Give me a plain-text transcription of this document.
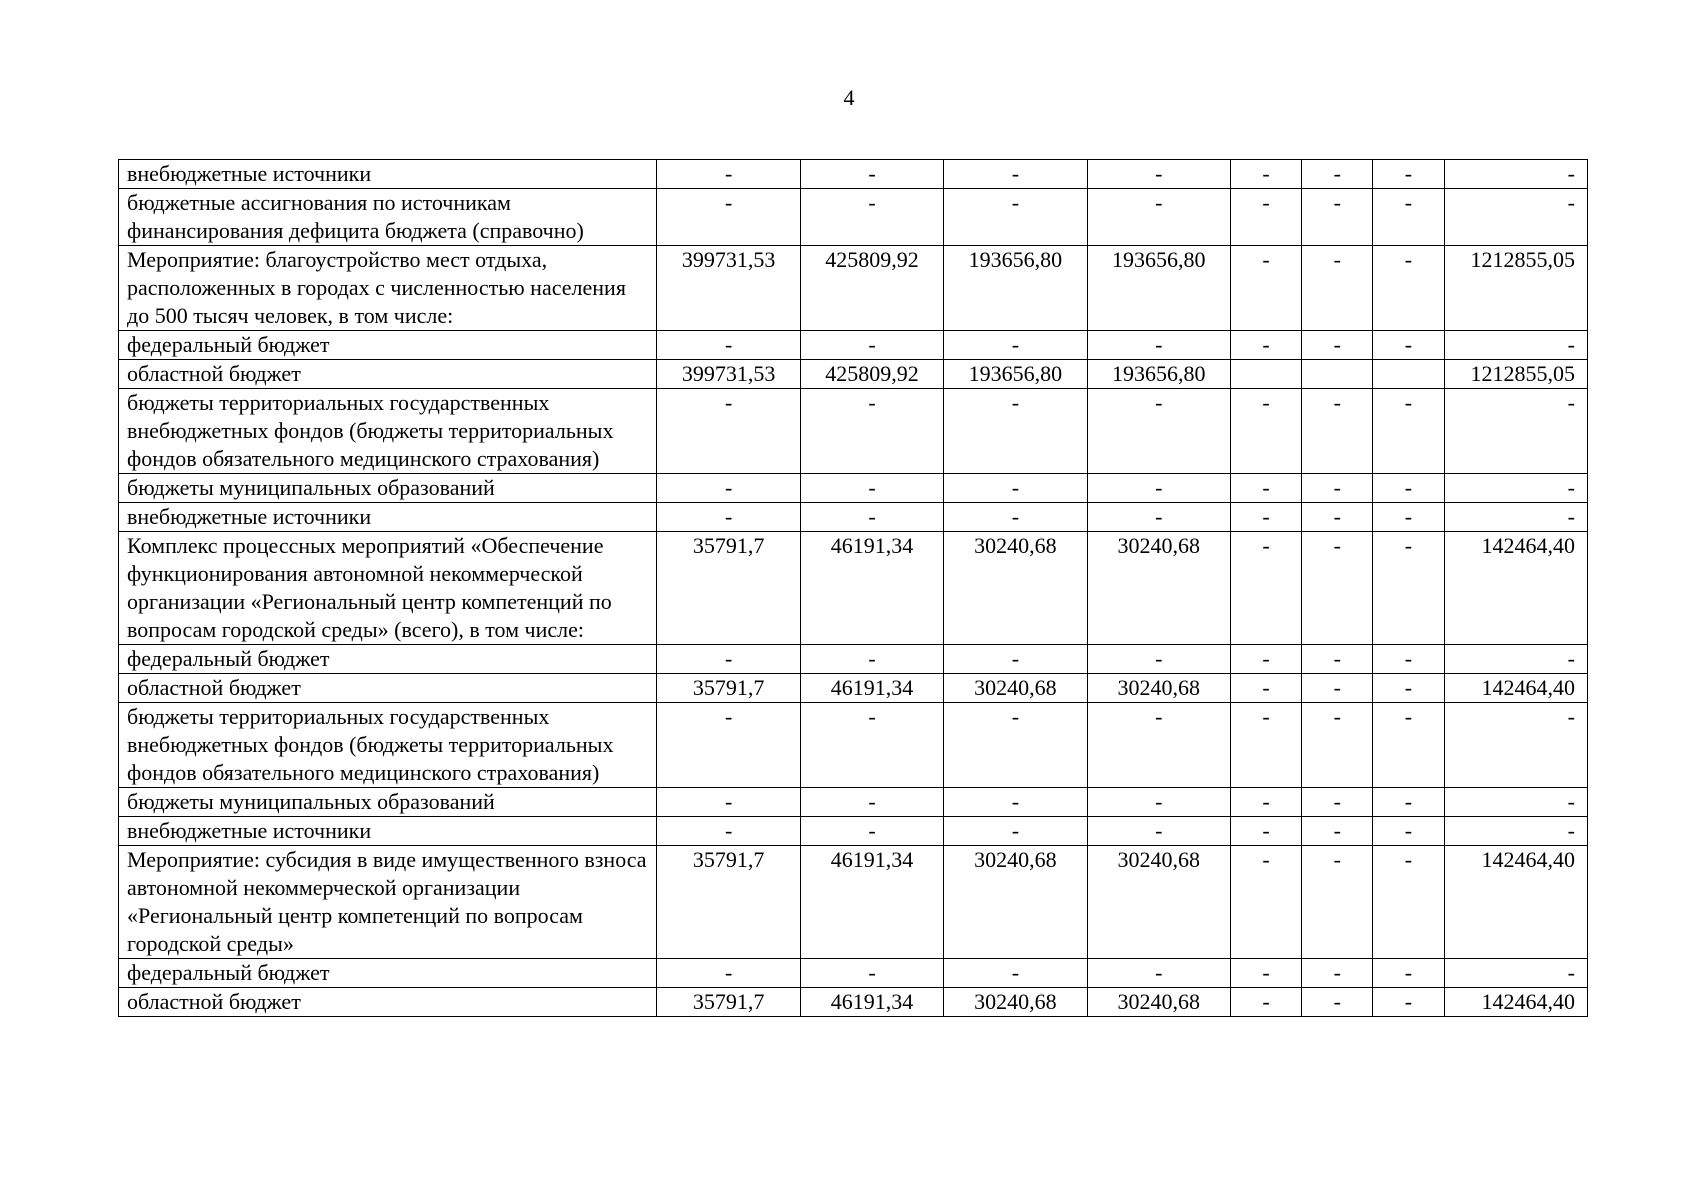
4
внебюджетные источники	-	-	-	-	-	-	-	-
бюджетные ассигнования по источникам финансирования дефицита бюджета (справочно)	-	-	-	-	-	-	-	-
Мероприятие: благоустройство мест отдыха, расположенных в городах с численностью населения до 500 тысяч человек, в том числе:	399731,53	425809,92	193656,80	193656,80	-	-	-	1212855,05
федеральный бюджет	-	-	-	-	-	-	-	-
областной бюджет	399731,53	425809,92	193656,80	193656,80				1212855,05
бюджеты территориальных государственных внебюджетных фондов (бюджеты территориальных фондов обязательного медицинского страхования)	-	-	-	-	-	-	-	-
бюджеты муниципальных образований	-	-	-	-	-	-	-	-
внебюджетные источники	-	-	-	-	-	-	-	-
Комплекс процессных мероприятий «Обеспечение функционирования автономной некоммерческой организации «Региональный центр компетенций по вопросам городской среды» (всего), в том числе:	35791,7	46191,34	30240,68	30240,68	-	-	-	142464,40
федеральный бюджет	-	-	-	-	-	-	-	-
областной бюджет	35791,7	46191,34	30240,68	30240,68	-	-	-	142464,40
бюджеты территориальных государственных внебюджетных фондов (бюджеты территориальных фондов обязательного медицинского страхования)	-	-	-	-	-	-	-	-
бюджеты муниципальных образований	-	-	-	-	-	-	-	-
внебюджетные источники	-	-	-	-	-	-	-	-
Мероприятие: субсидия в виде имущественного взноса автономной некоммерческой организации «Региональный центр компетенций по вопросам городской среды»	35791,7	46191,34	30240,68	30240,68	-	-	-	142464,40
федеральный бюджет	-	-	-	-	-	-	-	-
областной бюджет	35791,7	46191,34	30240,68	30240,68	-	-	-	142464,40
